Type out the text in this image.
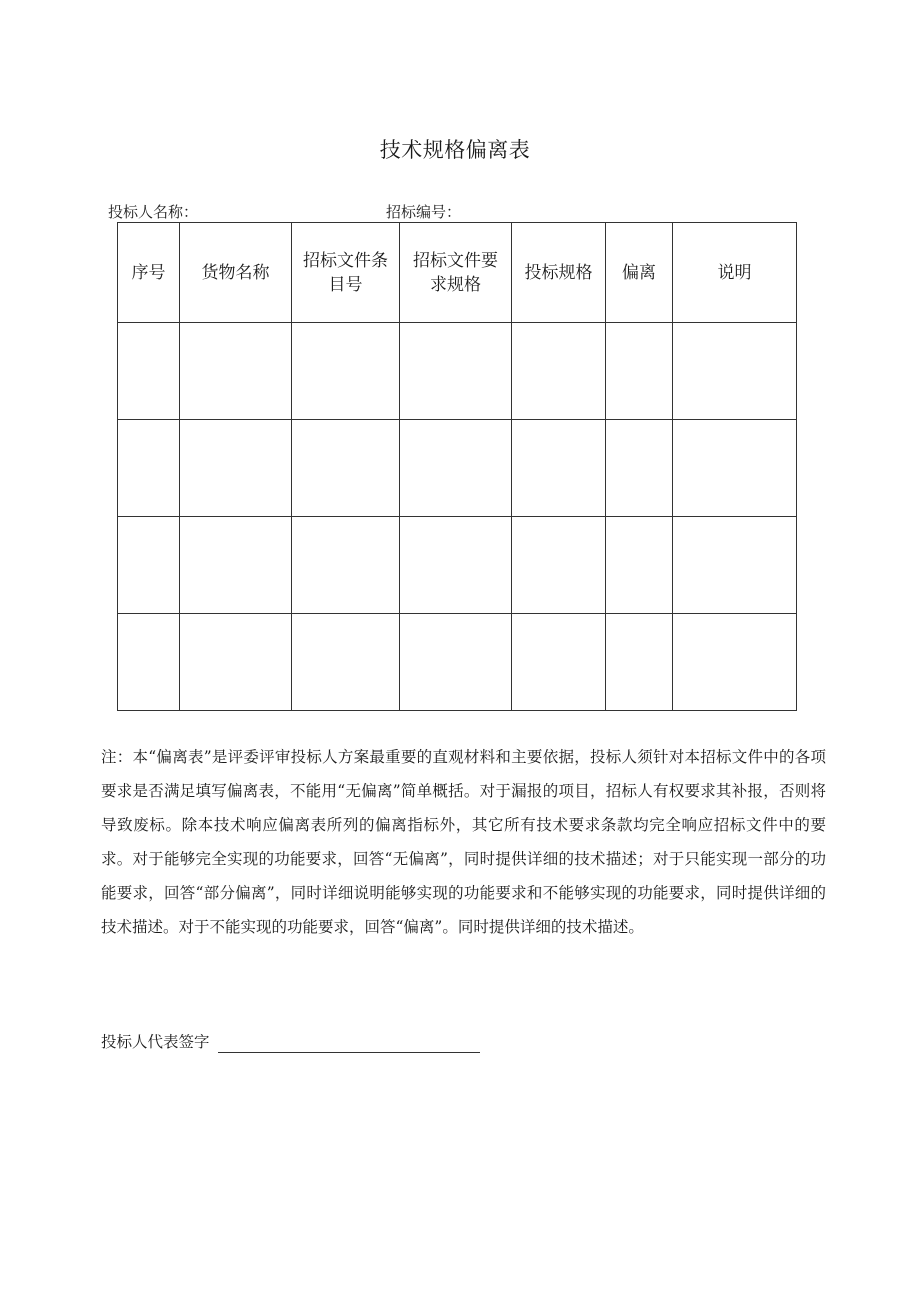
技术规格偏离表
投标人名称：	招标编号：
序号	货物名称	招标文件条目号	招标文件要求规格	投标规格	偏离	说明

注：本“偏离表”是评委评审投标人方案最重要的直观材料和主要依据，投标人须针对本招标文件中的各项要求是否满足填写偏离表，不能用“无偏离”简单概括。对于漏报的项目，招标人有权要求其补报，否则将导致废标。除本技术响应偏离表所列的偏离指标外，其它所有技术要求条款均完全响应招标文件中的要求。对于能够完全实现的功能要求，回答“无偏离”，同时提供详细的技术描述；对于只能实现一部分的功能要求，回答“部分偏离”，同时详细说明能够实现的功能要求和不能够实现的功能要求，同时提供详细的技术描述。对于不能实现的功能要求，回答“偏离”。同时提供详细的技术描述。

投标人代表签字
